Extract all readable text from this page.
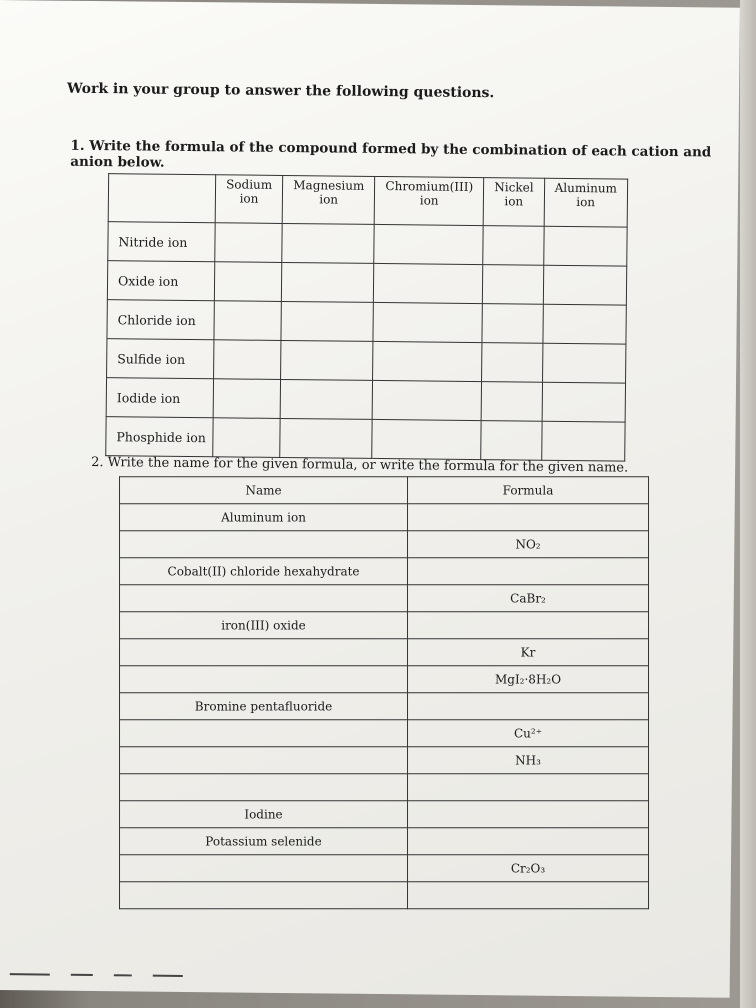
Work in your group to answer the following questions.
1. Write the formula of the compound formed by the combination of each cation and anion below.
	Sodium ion	Magnesium ion	Chromium(III) ion	Nickel ion	Aluminum ion
Nitride ion					
Oxide ion					
Chloride ion					
Sulfide ion					
Iodide ion					
Phosphide ion					
2. Write the name for the given formula, or write the formula for the given name.
Name	Formula
Aluminum ion	
	NO₂
Cobalt(II) chloride hexahydrate	
	CaBr₂
iron(III) oxide	
	Kr
	MgI₂·8H₂O
Bromine pentafluoride	
	Cu²⁺
	NH₃

Iodine	
Potassium selenide	
	Cr₂O₃
